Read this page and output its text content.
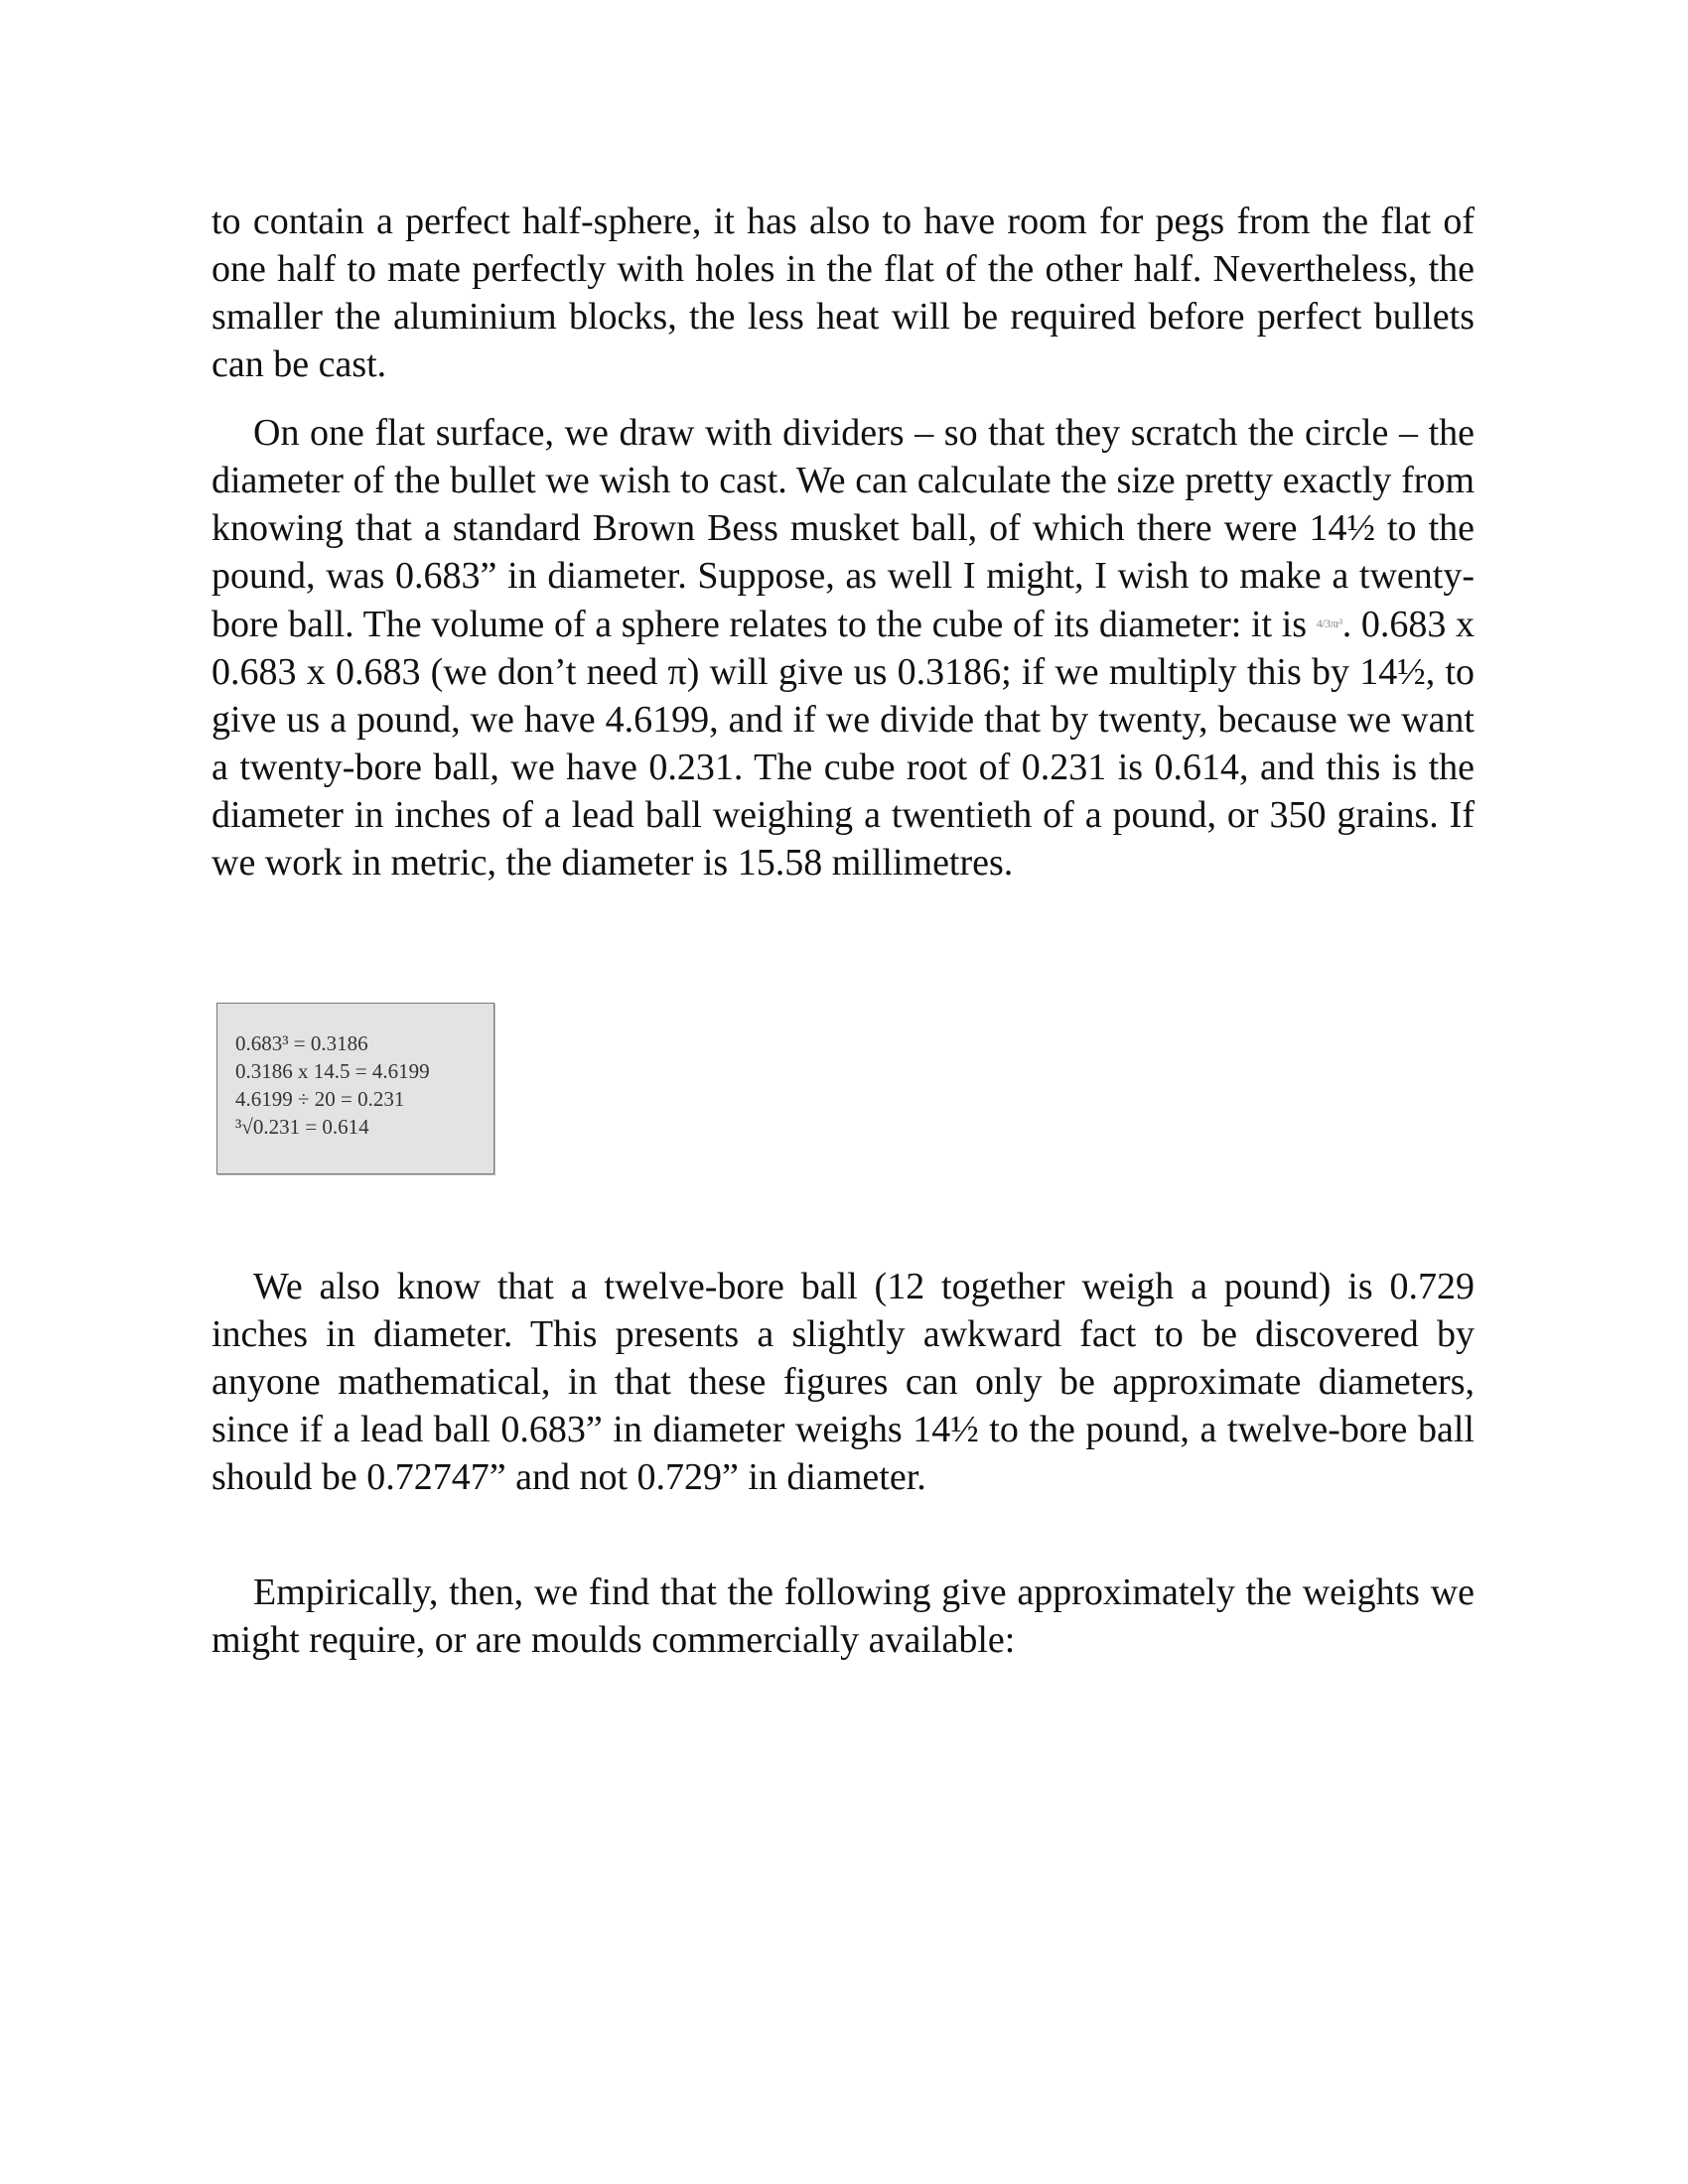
to contain a perfect half-sphere, it has also to have room for pegs from the flat of one half to mate perfectly with holes in the flat of the other half. Nevertheless, the smaller the aluminium blocks, the less heat will be required before perfect bullets can be cast.

On one flat surface, we draw with dividers – so that they scratch the circle – the diameter of the bullet we wish to cast. We can calculate the size pretty exactly from knowing that a standard Brown Bess musket ball, of which there were 14½ to the pound, was 0.683” in diameter. Suppose, as well I might, I wish to make a twenty-bore ball. The volume of a sphere relates to the cube of its diameter: it is $^{4/3\pi r^3}$. 0.683 x 0.683 x 0.683 (we don’t need π) will give us 0.3186; if we multiply this by 14½, to give us a pound, we have 4.6199, and if we divide that by twenty, because we want a twenty-bore ball, we have 0.231. The cube root of 0.231 is 0.614, and this is the diameter in inches of a lead ball weighing a twentieth of a pound, or 350 grains. If we work in metric, the diameter is 15.58 millimetres.

0.683³ = 0.3186
0.3186 x 14.5 = 4.6199
4.6199 ÷ 20 = 0.231
³√0.231 = 0.614

We also know that a twelve-bore ball (12 together weigh a pound) is 0.729 inches in diameter. This presents a slightly awkward fact to be discovered by anyone mathematical, in that these figures can only be approximate diameters, since if a lead ball 0.683” in diameter weighs 14½ to the pound, a twelve-bore ball should be 0.72747” and not 0.729” in diameter.

Empirically, then, we find that the following give approximately the weights we might require, or are moulds commercially available:
